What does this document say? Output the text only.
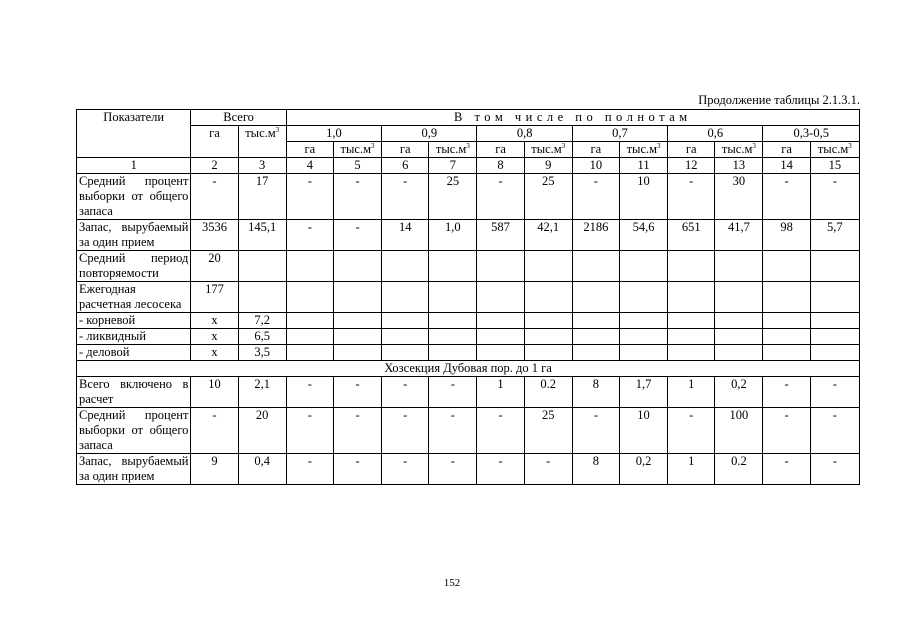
Продолжение таблицы 2.1.3.1.
Показатели	Всего		В том числе по полнотам											
	га	$тыс.м^3$	1,0		0,9		0,8		0,7		0,6		0,3-0,5	
			га	$тыс.м^3$	га	$тыс.м^3$	га	$тыс.м^3$	га	$тыс.м^3$	га	$тыс.м^3$	га	$тыс.м^3$
1	2	3	4	5	6	7	8	9	10	11	12	13	14	15
Средний процент выборки от общего запаса	-	17	-	-	-	25	-	25	-	10	-	30	-	-
Запас, вырубаемый за один прием	3536	145,1	-	-	14	1,0	587	42,1	2186	54,6	651	41,7	98	5,7
Средний период повторяемости	20													
Ежегодная расчетная лесосека	177													
- корневой	х	7,2												
- ликвидный	х	6,5												
- деловой	х	3,5												
Хозсекция Дубовая пор. до 1 га														
Всего включено в расчет	10	2,1	-	-	-	-	1	0.2	8	1,7	1	0,2	-	-
Средний процент выборки от общего запаса	-	20	-	-	-	-	-	25	-	10	-	100	-	-
Запас, вырубаемый за один прием	9	0,4	-	-	-	-	-	-	8	0,2	1	0.2	-	-
152
